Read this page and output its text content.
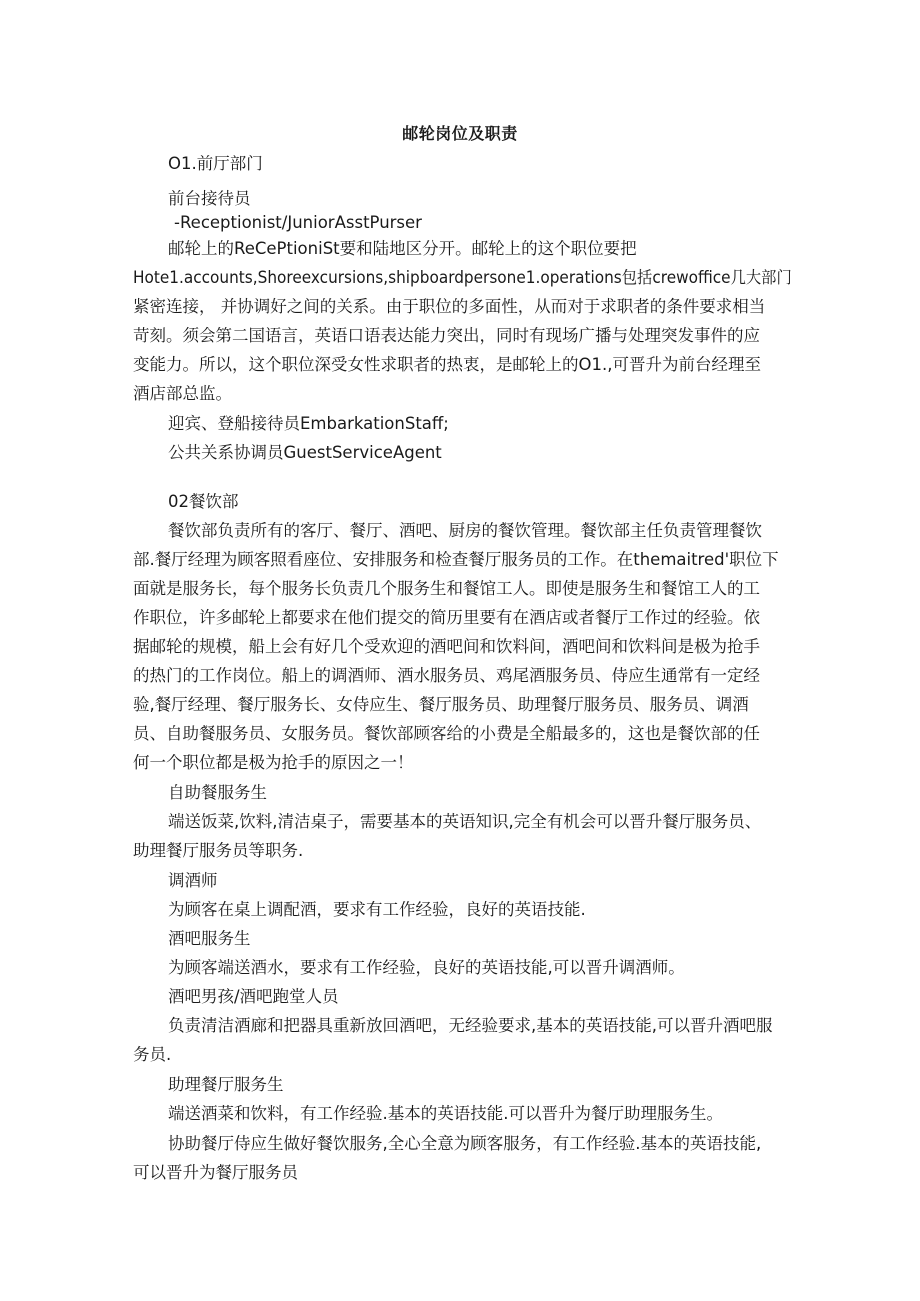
邮轮岗位及职责
O1.前厅部门
前台接待员
-Receptionist/JuniorAsstPurser
邮轮上的ReCePtioniSt要和陆地区分开。邮轮上的这个职位要把
Hote1.accounts,Shoreexcursions,shipboardpersone1.operations包括crewoffice几大部门
紧密连接， 并协调好之间的关系。由于职位的多面性，从而对于求职者的条件要求相当
苛刻。须会第二国语言，英语口语表达能力突出，同时有现场广播与处理突发事件的应
变能力。所以，这个职位深受女性求职者的热衷，是邮轮上的O1.,可晋升为前台经理至
酒店部总监。
迎宾、登船接待员EmbarkationStaff;
公共关系协调员GuestServiceAgent
02餐饮部
餐饮部负责所有的客厅、餐厅、酒吧、厨房的餐饮管理。餐饮部主任负责管理餐饮
部.餐厅经理为顾客照看座位、安排服务和检查餐厅服务员的工作。在themaitred'职位下
面就是服务长，每个服务长负责几个服务生和餐馆工人。即使是服务生和餐馆工人的工
作职位，许多邮轮上都要求在他们提交的简历里要有在酒店或者餐厅工作过的经验。依
据邮轮的规模，船上会有好几个受欢迎的酒吧间和饮料间，酒吧间和饮料间是极为抢手
的热门的工作岗位。船上的调酒师、酒水服务员、鸡尾酒服务员、侍应生通常有一定经
验,餐厅经理、餐厅服务长、女侍应生、餐厅服务员、助理餐厅服务员、服务员、调酒
员、自助餐服务员、女服务员。餐饮部顾客给的小费是全船最多的，这也是餐饮部的任
何一个职位都是极为抢手的原因之一！
自助餐服务生
端送饭菜,饮料,清洁桌子，需要基本的英语知识,完全有机会可以晋升餐厅服务员、
助理餐厅服务员等职务.
调酒师
为顾客在桌上调配酒，要求有工作经验，良好的英语技能.
酒吧服务生
为顾客端送酒水，要求有工作经验，良好的英语技能,可以晋升调酒师。
酒吧男孩/酒吧跑堂人员
负责清洁酒廊和把器具重新放回酒吧，无经验要求,基本的英语技能,可以晋升酒吧服
务员.
助理餐厅服务生
端送酒菜和饮料，有工作经验.基本的英语技能.可以晋升为餐厅助理服务生。
协助餐厅侍应生做好餐饮服务,全心全意为顾客服务，有工作经验.基本的英语技能,
可以晋升为餐厅服务员
